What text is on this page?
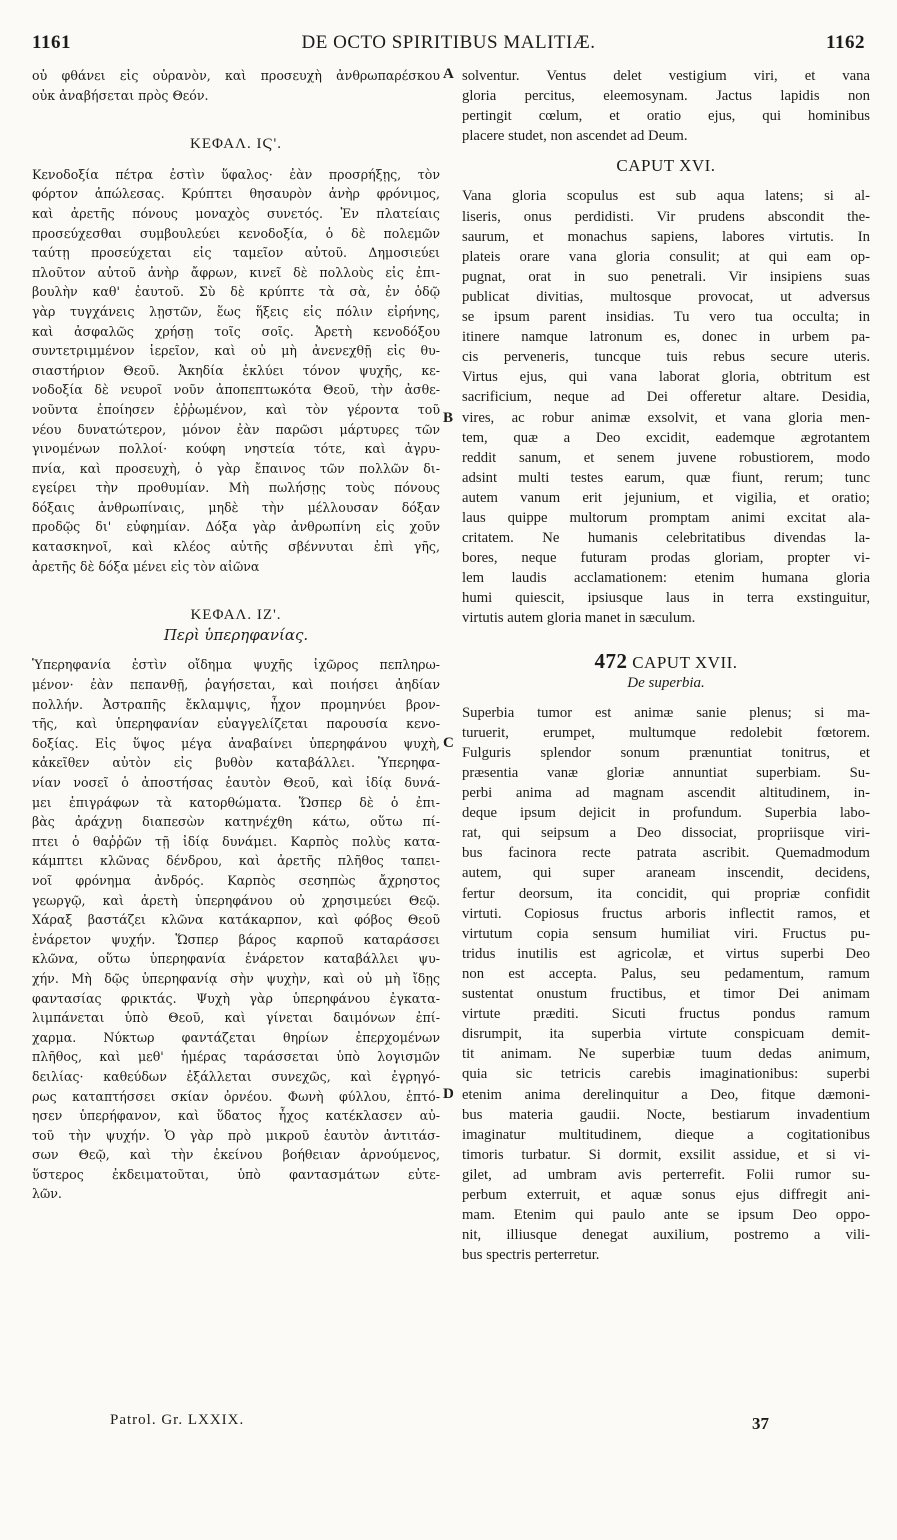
1161	DE OCTO SPIRITIBUS MALITIÆ.	1162
οὐ φθάνει εἰς οὐρανὸν, καὶ προσευχὴ ἀνθρωπαρέσκου
οὐκ ἀναβήσεται πρὸς Θεόν.
ΚΕΦΑΛ. ΙϚ'.
Κενοδοξία πέτρα ἐστὶν ὕφαλος· ἐὰν προσρήξῃς, τὸν
φόρτον ἀπώλεσας. Κρύπτει θησαυρὸν ἀνὴρ φρόνιμος,
καὶ ἀρετῆς πόνους μοναχὸς συνετός. Ἐν πλατείαις
προσεύχεσθαι συμβουλεύει κενοδοξία, ὁ δὲ πολεμῶν
ταύτῃ προσεύχεται εἰς ταμεῖον αὐτοῦ. Δημοσιεύει
πλοῦτον αὐτοῦ ἀνὴρ ἄφρων, κινεῖ δὲ πολλοὺς εἰς ἐπι-
βουλὴν καθ' ἑαυτοῦ. Σὺ δὲ κρύπτε τὰ σὰ, ἐν ὁδῷ
γὰρ τυγχάνεις λῃστῶν, ἕως ἥξεις εἰς πόλιν εἰρήνης,
καὶ ἀσφαλῶς χρήσῃ τοῖς σοῖς. Ἀρετὴ κενοδόξου
συντετριμμένον ἱερεῖον, καὶ οὐ μὴ ἀνενεχθῇ εἰς θυ-
σιαστήριον Θεοῦ. Ἀκηδία ἐκλύει τόνον ψυχῆς, κε-
νοδοξία δὲ νευροῖ νοῦν ἀποπεπτωκότα Θεοῦ, τὴν ἀσθε-
νοῦντα ἐποίησεν ἐῤῥωμένον, καὶ τὸν γέροντα τοῦ
νέου δυνατώτερον, μόνον ἐὰν παρῶσι μάρτυρες τῶν
γινομένων πολλοί· κούφη νηστεία τότε, καὶ ἀγρυ-
πνία, καὶ προσευχὴ, ὁ γὰρ ἔπαινος τῶν πολλῶν δι-
εγείρει τὴν προθυμίαν. Μὴ πωλήσῃς τοὺς πόνους
δόξαις ἀνθρωπίναις, μηδὲ τὴν μέλλουσαν δόξαν
προδῷς δι' εὐφημίαν. Δόξα γὰρ ἀνθρωπίνη εἰς χοῦν
κατασκηνοῖ, καὶ κλέος αὐτῆς σβέννυται ἐπὶ γῆς,
ἀρετῆς δὲ δόξα μένει εἰς τὸν αἰῶνα
ΚΕΦΑΛ. ΙΖ'.
Περὶ ὑπερηφανίας.
Ὑπερηφανία ἐστὶν οἴδημα ψυχῆς ἰχῶρος πεπληρω-
μένον· ἐὰν πεπανθῇ, ῥαγήσεται, καὶ ποιήσει ἀηδίαν
πολλήν. Ἀστραπῆς ἔκλαμψις, ἦχον προμηνύει βρον-
τῆς, καὶ ὑπερηφανίαν εὐαγγελίζεται παρουσία κενο-
δοξίας. Εἰς ὕψος μέγα ἀναβαίνει ὑπερηφάνου ψυχὴ,
κἀκεῖθεν αὐτὸν εἰς βυθὸν καταβάλλει. Ὑπερηφα-
νίαν νοσεῖ ὁ ἀποστήσας ἑαυτὸν Θεοῦ, καὶ ἰδίᾳ δυνά-
μει ἐπιγράφων τὰ κατορθώματα. Ὥσπερ δὲ ὁ ἐπι-
βὰς ἀράχνῃ διαπεσὼν κατηνέχθη κάτω, οὕτω πί-
πτει ὁ θαῤῥῶν τῇ ἰδίᾳ δυνάμει. Καρπὸς πολὺς κατα-
κάμπτει κλῶνας δένδρου, καὶ ἀρετῆς πλῆθος ταπει-
νοῖ φρόνημα ἀνδρός. Καρπὸς σεσηπὼς ἄχρηστος
γεωργῷ, καὶ ἀρετὴ ὑπερηφάνου οὐ χρησιμεύει Θεῷ.
Χάραξ βαστάζει κλῶνα κατάκαρπον, καὶ φόβος Θεοῦ
ἐνάρετον ψυχήν. Ὥσπερ βάρος καρποῦ καταράσσει
κλῶνα, οὕτω ὑπερηφανία ἐνάρετον καταβάλλει ψυ-
χήν. Μὴ δῷς ὑπερηφανίᾳ σὴν ψυχὴν, καὶ οὐ μὴ ἴδῃς
φαντασίας φρικτάς. Ψυχὴ γὰρ ὑπερηφάνου ἐγκατα-
λιμπάνεται ὑπὸ Θεοῦ, καὶ γίνεται δαιμόνων ἐπί-
χαρμα. Νύκτωρ φαντάζεται θηρίων ἐπερχομένων
πλῆθος, καὶ μεθ' ἡμέρας ταράσσεται ὑπὸ λογισμῶν
δειλίας· καθεύδων ἐξάλλεται συνεχῶς, καὶ ἐγρηγό-
ρως καταπτήσσει σκίαν ὀρνέου. Φωνὴ φύλλου, ἐπτό-
ησεν ὑπερήφανον, καὶ ὕδατος ἦχος κατέκλασεν αὐ-
τοῦ τὴν ψυχήν. Ὁ γὰρ πρὸ μικροῦ ἑαυτὸν ἀντιτάσ-
σων Θεῷ, καὶ τὴν ἐκείνου βοήθειαν ἀρνούμενος,
ὕστερος ἐκδειματοῦται, ὑπὸ φαντασμάτων εὐτε-
λῶν.
solventur. Ventus delet vestigium viri, et vana
gloria percitus, eleemosynam. Jactus lapidis non
pertingit cœlum, et oratio ejus, qui hominibus
placere studet, non ascendet ad Deum.
CAPUT XVI.
Vana gloria scopulus est sub aqua latens; si al-
liseris, onus perdidisti. Vir prudens abscondit the-
saurum, et monachus sapiens, labores virtutis. In
plateis orare vana gloria consulit; at qui eam op-
pugnat, orat in suo penetrali. Vir insipiens suas
publicat divitias, multosque provocat, ut adversus
se ipsum parent insidias. Tu vero tua occulta; in
itinere namque latronum es, donec in urbem pa-
cis perveneris, tuncque tuis rebus secure uteris.
Virtus ejus, qui vana laborat gloria, obtritum est
sacrificium, neque ad Dei offeretur altare. Desidia,
vires, ac robur animæ exsolvit, et vana gloria men-
tem, quæ a Deo excidit, eademque ægrotantem
reddit sanum, et senem juvene robustiorem, modo
adsint multi testes earum, quæ fiunt, rerum; tunc
autem vanum erit jejunium, et vigilia, et oratio;
laus quippe multorum promptam animi excitat ala-
critatem. Ne humanis celebritatibus divendas la-
bores, neque futuram prodas gloriam, propter vi-
lem laudis acclamationem: etenim humana gloria
humi quiescit, ipsiusque laus in terra exstinguitur,
virtutis autem gloria manet in sæculum.
472 CAPUT XVII.
De superbia.
Superbia tumor est animæ sanie plenus; si ma-
turuerit, erumpet, multumque redolebit fœtorem.
Fulguris splendor sonum prænuntiat tonitrus, et
præsentia vanæ gloriæ annuntiat superbiam. Su-
perbi anima ad magnam ascendit altitudinem, in-
deque ipsum dejicit in profundum. Superbia labo-
rat, qui seipsum a Deo dissociat, propriisque viri-
bus facinora recte patrata ascribit. Quemadmodum
autem, qui super araneam inscendit, decidens,
fertur deorsum, ita concidit, qui propriæ confidit
virtuti. Copiosus fructus arboris inflectit ramos, et
virtutum copia sensum humiliat viri. Fructus pu-
tridus inutilis est agricolæ, et virtus superbi Deo
non est accepta. Palus, seu pedamentum, ramum
sustentat onustum fructibus, et timor Dei animam
virtute præditi. Sicuti fructus pondus ramum
disrumpit, ita superbia virtute conspicuam demit-
tit animam. Ne superbiæ tuum dedas animum,
quia sic tetricis carebis imaginationibus: superbi
etenim anima derelinquitur a Deo, fitque dæmoni-
bus materia gaudii. Nocte, bestiarum invadentium
imaginatur multitudinem, dieque a cogitationibus
timoris turbatur. Si dormit, exsilit assidue, et si vi-
gilet, ad umbram avis perterrefit. Folii rumor su-
perbum exterruit, et aquæ sonus ejus diffregit ani-
mam. Etenim qui paulo ante se ipsum Deo oppo-
nit, illiusque denegat auxilium, postremo a vili-
bus spectris perterretur.
A
B
C
D
Patrol. Gr. LXXIX.	37
